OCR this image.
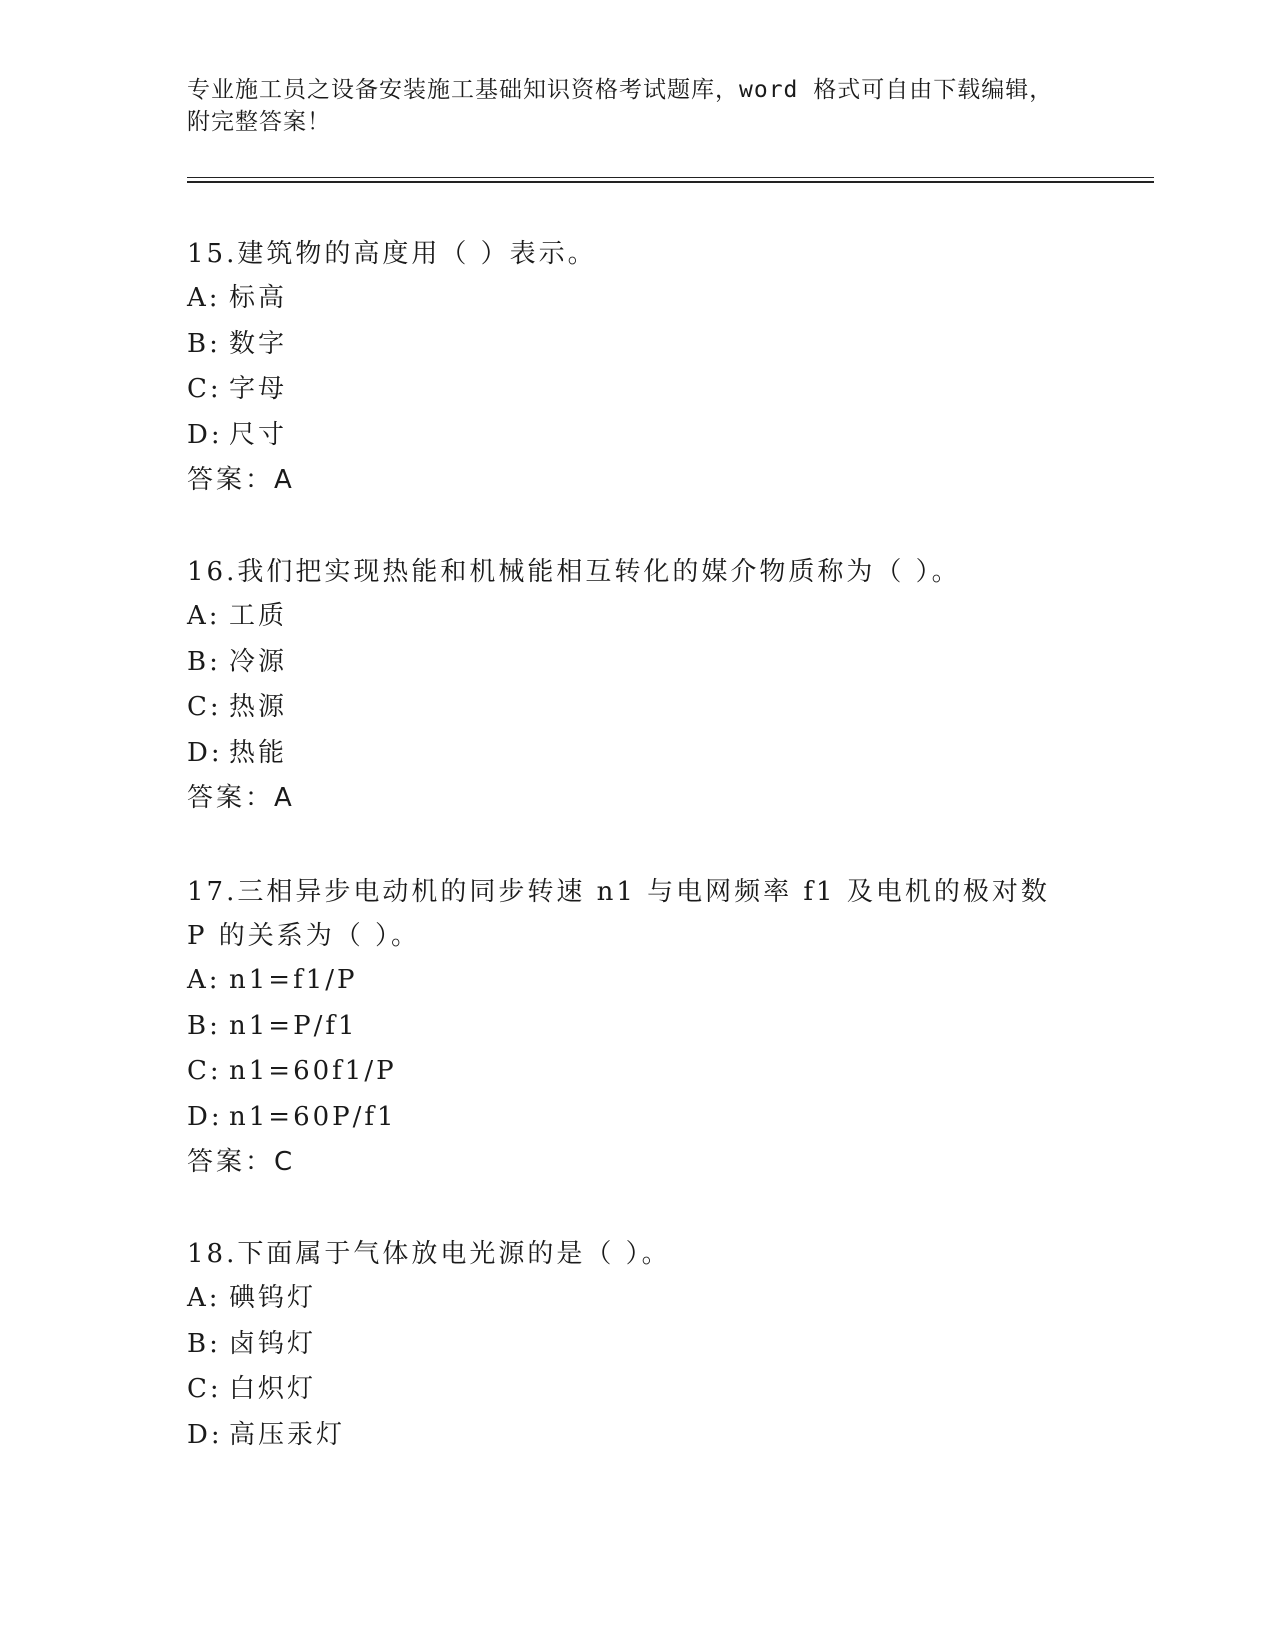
专业施工员之设备安装施工基础知识资格考试题库，word 格式可自由下载编辑，
附完整答案！

15.建筑物的高度用（ ）表示。

A: 标高
B: 数字
C: 字母
D: 尺寸
答案：A

16.我们把实现热能和机械能相互转化的媒介物质称为（ ）。

A: 工质
B: 冷源
C: 热源
D: 热能
答案：A

17.三相异步电动机的同步转速 n1 与电网频率 f1 及电机的极对数 P 的关系为（ ）。

A: n1=f1/P
B: n1=P/f1
C: n1=60f1/P
D: n1=60P/f1
答案：C

18.下面属于气体放电光源的是（ ）。

A: 碘钨灯
B: 卤钨灯
C: 白炽灯
D: 高压汞灯
